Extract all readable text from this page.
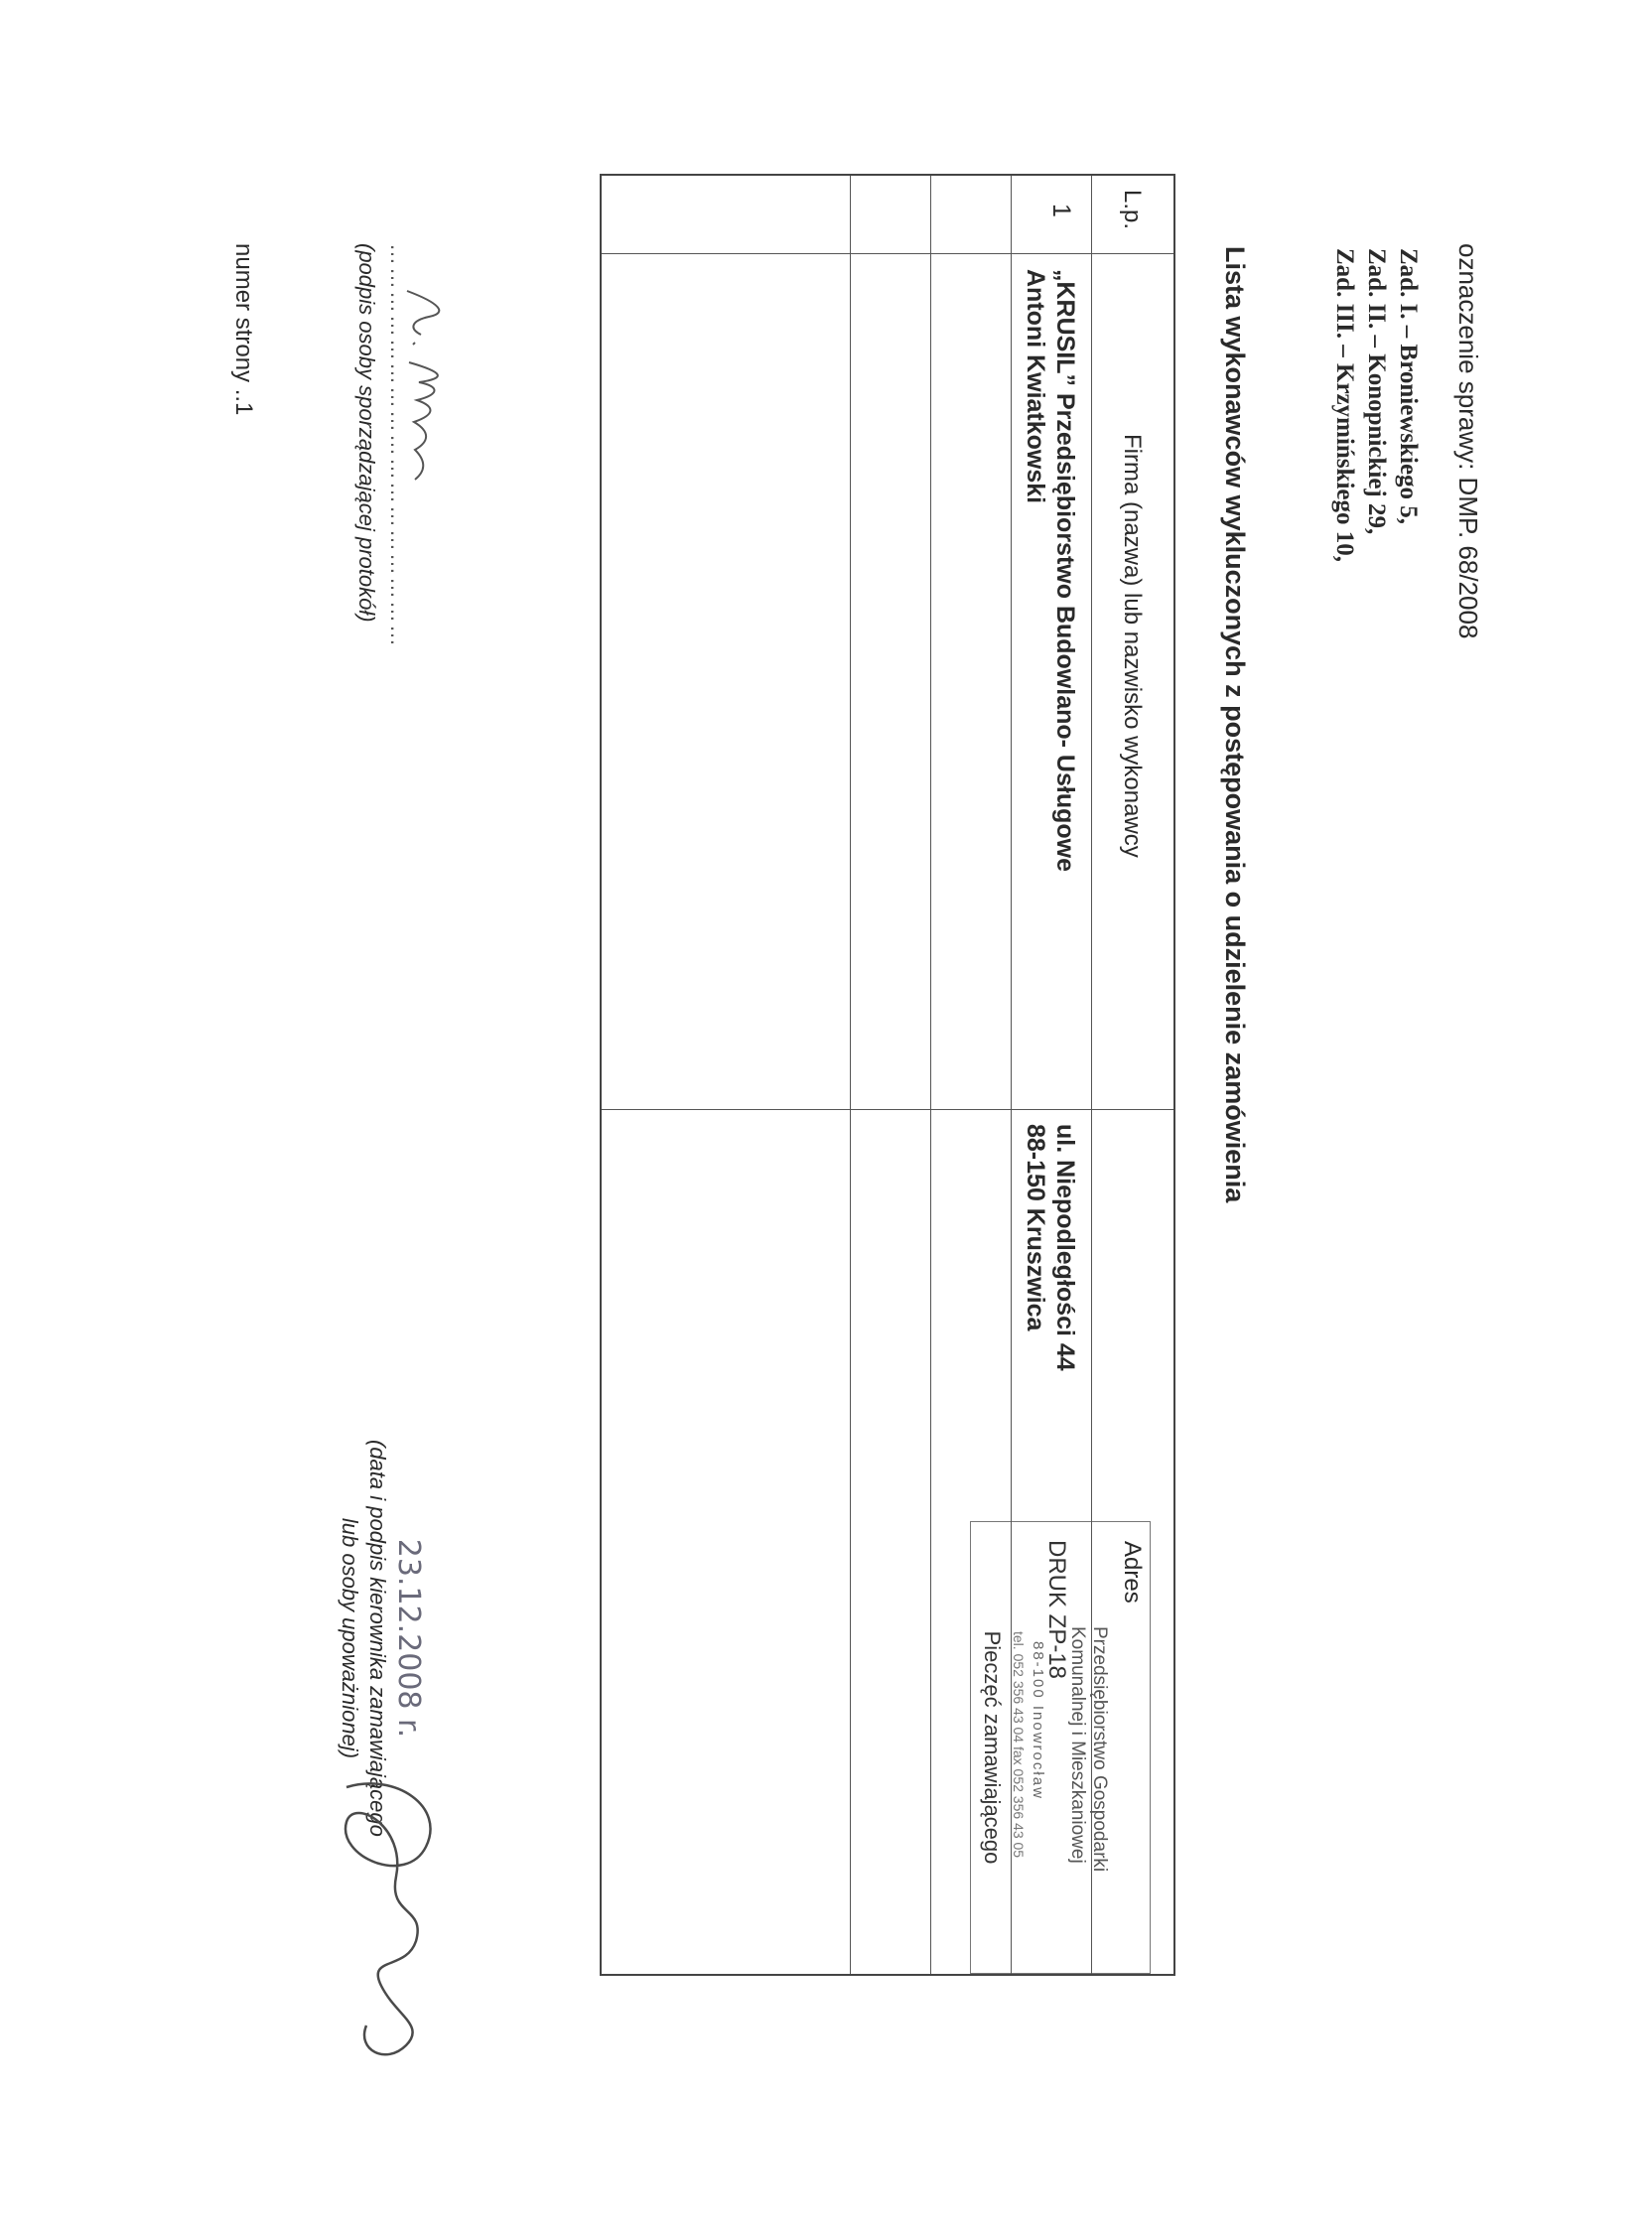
oznaczenie sprawy: DMP. 68/2008
Zad. I. – Broniewskiego 5,
Zad. II. – Konopnickiej 29,
Zad. III. – Krzymińskiego 10,
Przedsiębiorstwo Gospodarki
Komunalnej i Mieszkaniowej
DRUK ZP-18
88-100 Inowrocław
tel. 052 356 43 04 fax 052 356 43 05
Pieczęć zamawiającego
Lista wykonawców wykluczonych z postępowania o udzielenie zamówienia
L.p.
Firma (nazwa) lub nazwisko wykonawcy
Adres
1
„KRUSIL” Przedsiębiorstwo Budowlano- Usługowe
Antoni Kwiatkowski
ul. Niepodległości 44
88-150 Kruszwica
……………………………………………
(podpis osoby sporządzającej protokół)
23.12.2008 r.
(data i podpis kierownika zamawiającego
lub osoby upoważnionej)
numer strony ..1
